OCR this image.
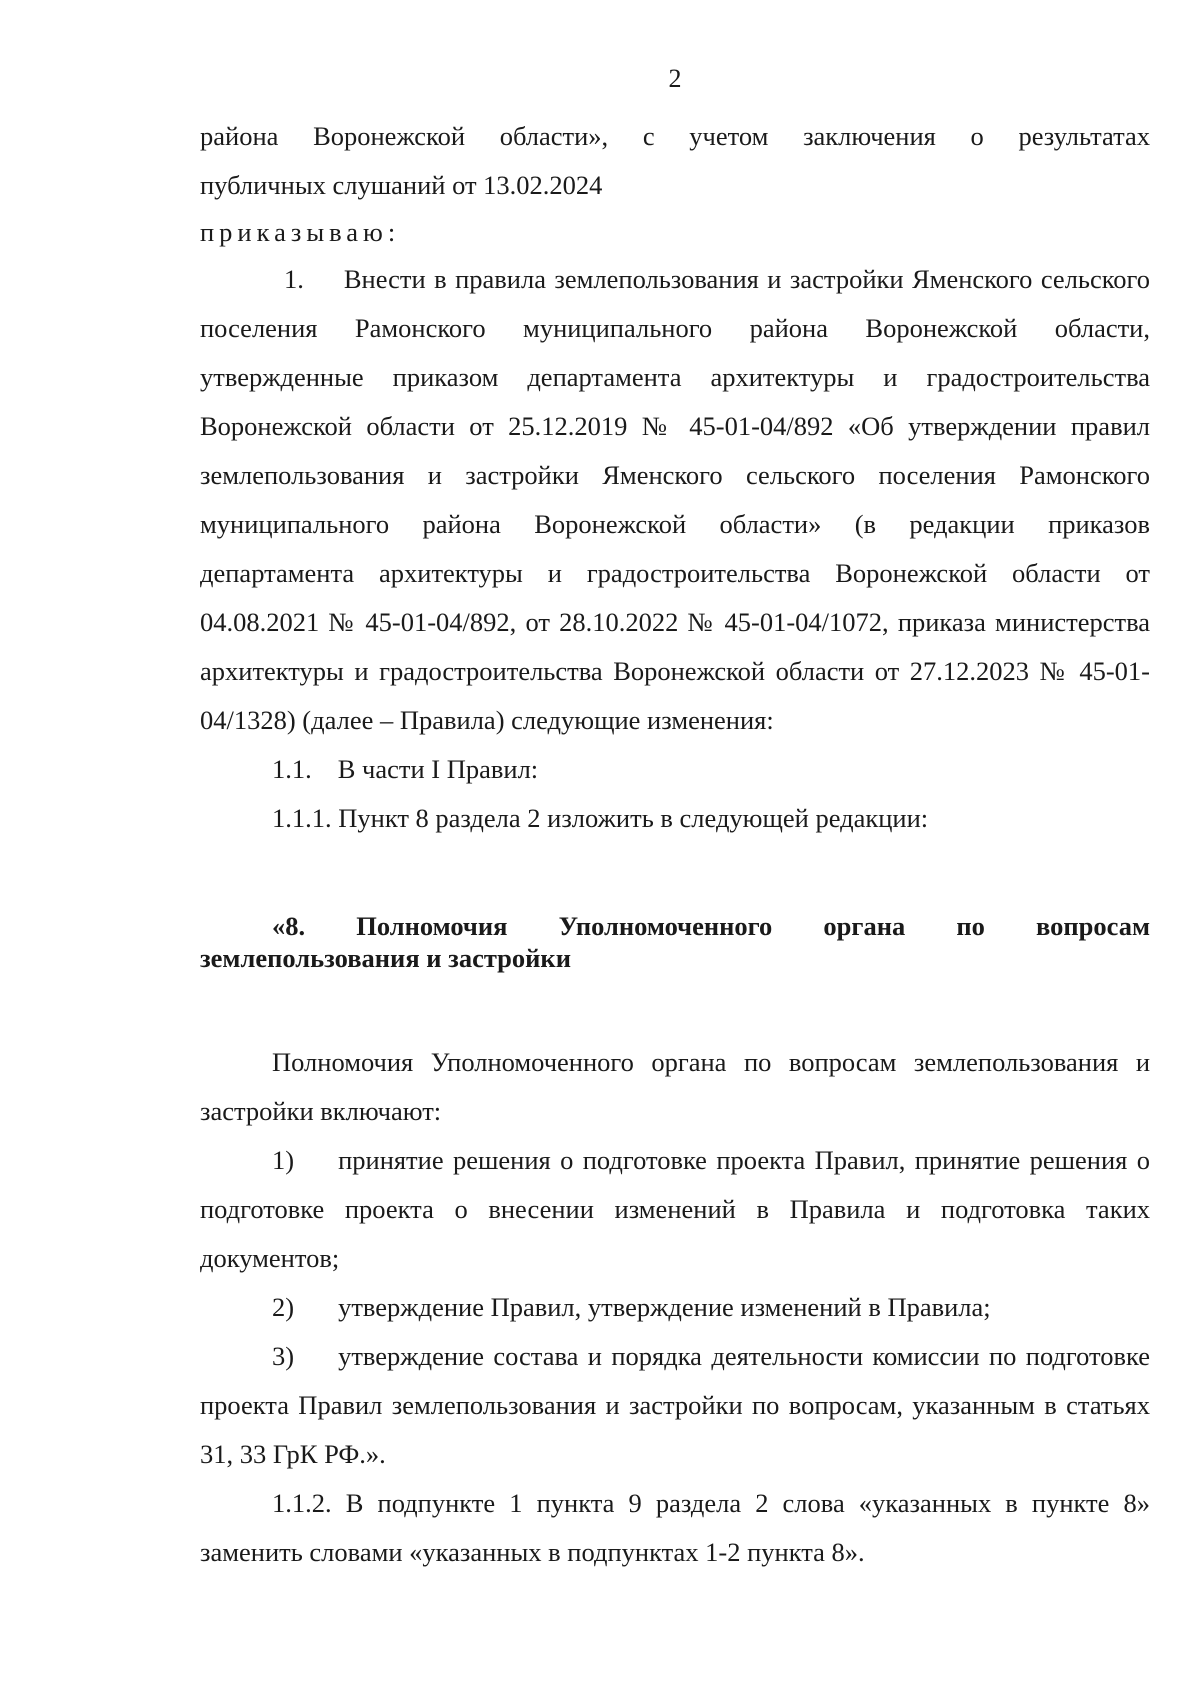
2

района Воронежской области», с учетом заключения о результатах

публичных слушаний от 13.02.2024

приказываю:

1. Внести в правила землепользования и застройки Яменского сельского поселения Рамонского муниципального района Воронежской области, утвержденные приказом департамента архитектуры и градостроительства Воронежской области от 25.12.2019 № 45-01-04/892 «Об утверждении правил землепользования и застройки Яменского сельского поселения Рамонского муниципального района Воронежской области» (в редакции приказов департамента архитектуры и градостроительства Воронежской области от 04.08.2021 № 45-01-04/892, от 28.10.2022 № 45-01-04/1072, приказа министерства архитектуры и градостроительства Воронежской области от 27.12.2023 № 45-01-04/1328) (далее – Правила) следующие изменения:

1.1. В части I Правил:

1.1.1. Пункт 8 раздела 2 изложить в следующей редакции:

«8. Полномочия Уполномоченного органа по вопросам землепользования и застройки

Полномочия Уполномоченного органа по вопросам землепользования и застройки включают:

1) принятие решения о подготовке проекта Правил, принятие решения о подготовке проекта о внесении изменений в Правила и подготовка таких документов;

2) утверждение Правил, утверждение изменений в Правила;

3) утверждение состава и порядка деятельности комиссии по подготовке проекта Правил землепользования и застройки по вопросам, указанным в статьях 31, 33 ГрК РФ.».

1.1.2. В подпункте 1 пункта 9 раздела 2 слова «указанных в пункте 8» заменить словами «указанных в подпунктах 1-2 пункта 8».
